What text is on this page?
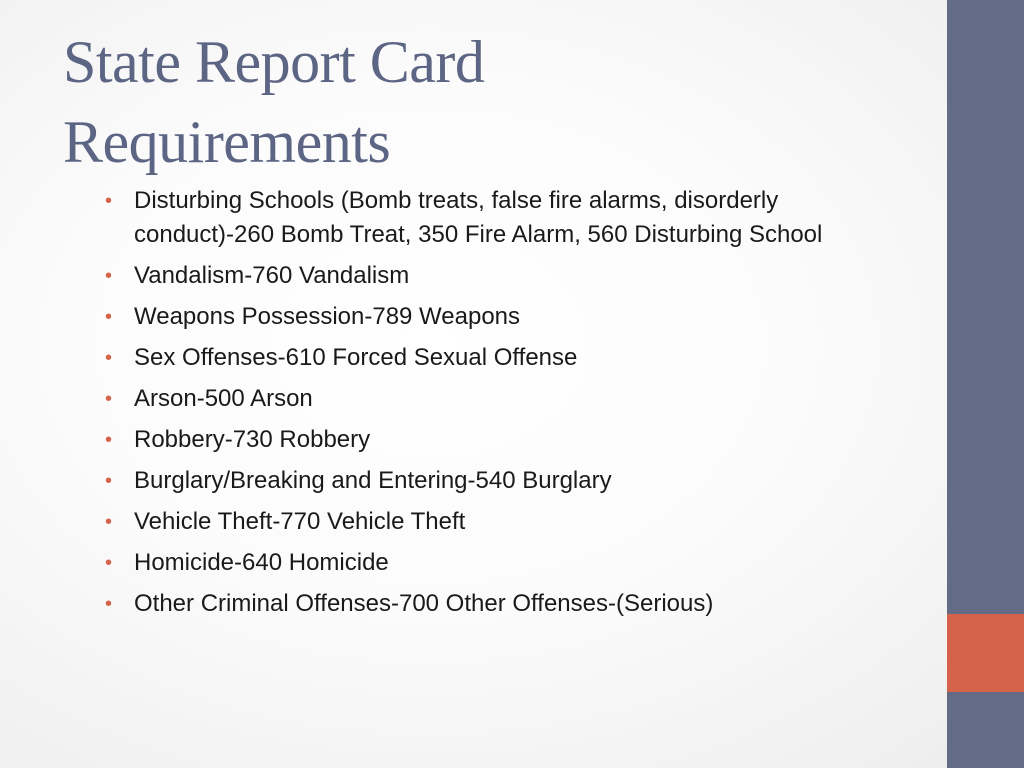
State Report Card
Requirements
• Disturbing Schools (Bomb treats, false fire alarms, disorderly conduct)-260 Bomb Treat, 350 Fire Alarm, 560 Disturbing School
• Vandalism-760 Vandalism
• Weapons Possession-789 Weapons
• Sex Offenses-610 Forced Sexual Offense
• Arson-500 Arson
• Robbery-730 Robbery
• Burglary/Breaking and Entering-540 Burglary
• Vehicle Theft-770 Vehicle Theft
• Homicide-640 Homicide
• Other Criminal Offenses-700 Other Offenses-(Serious)
